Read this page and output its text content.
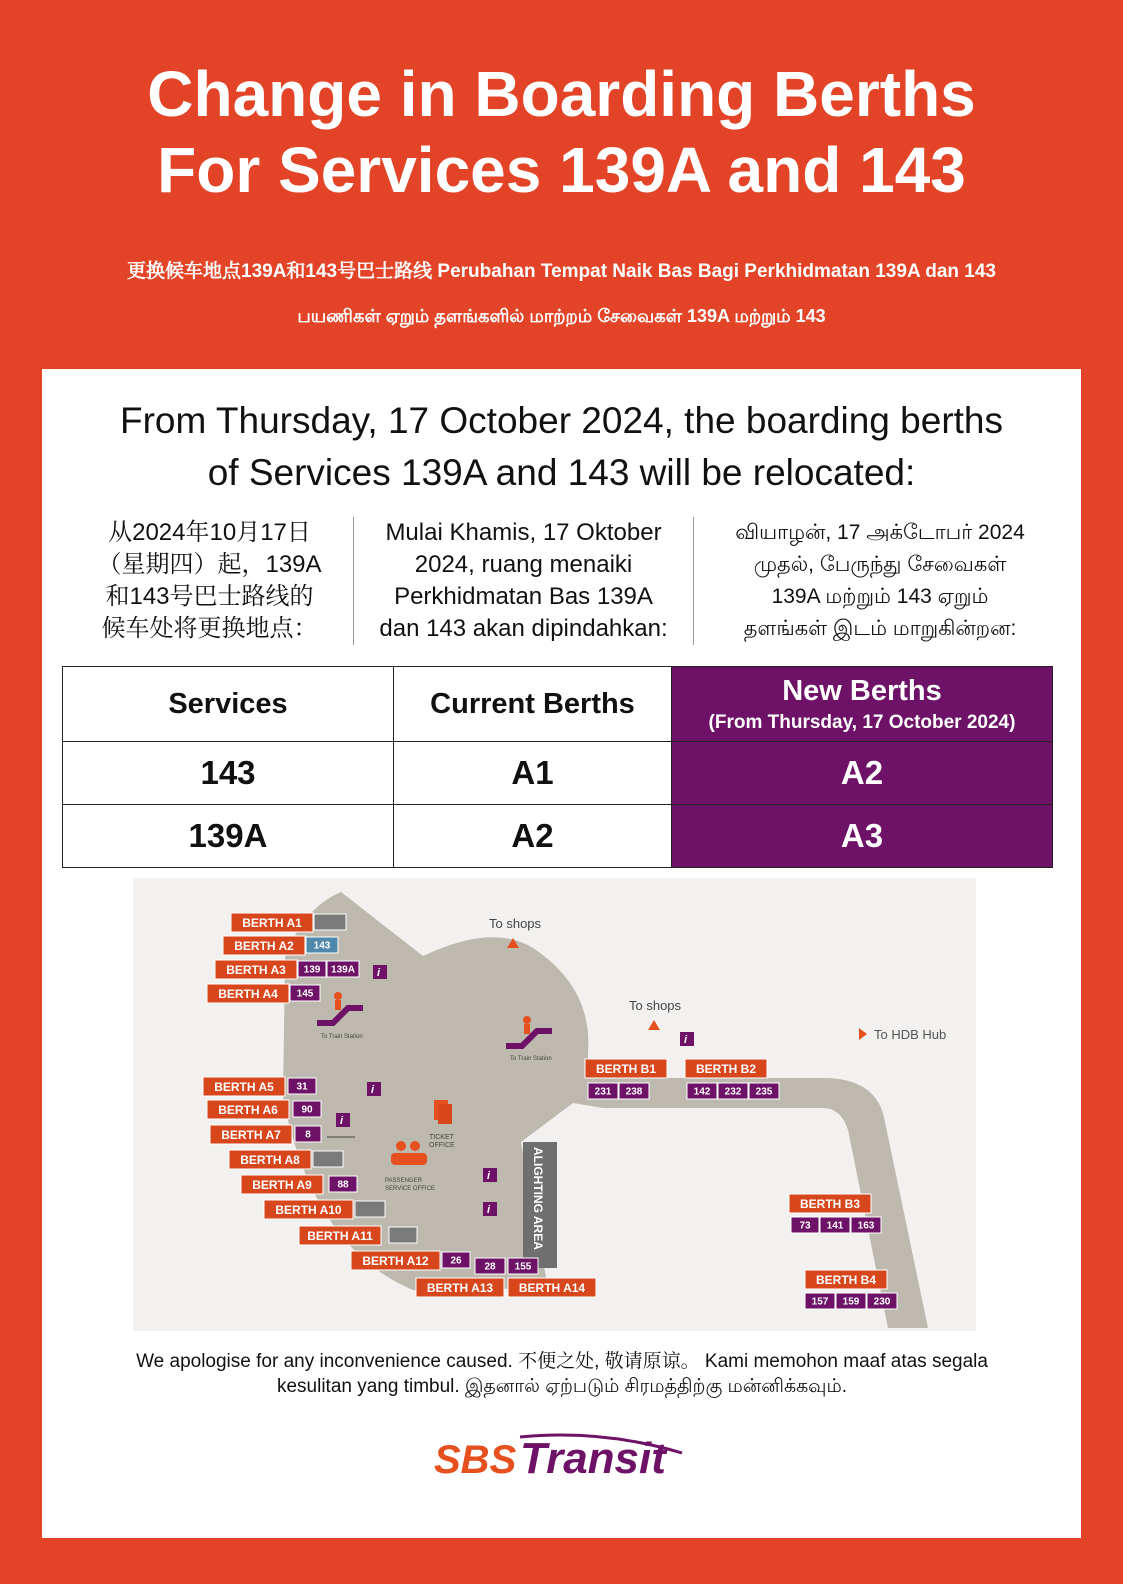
Change in Boarding Berths
For Services 139A and 143
更换候车地点139A和143号巴士路线 Perubahan Tempat Naik Bas Bagi Perkhidmatan 139A dan 143
பயணிகள் ஏறும் தளங்களில் மாற்றம் சேவைகள் 139A மற்றும் 143
From Thursday, 17 October 2024, the boarding berths
of Services 139A and 143 will be relocated:
从2024年10月17日
（星期四）起，139A
和143号巴士路线的
候车处将更换地点：
Mulai Khamis, 17 Oktober
2024, ruang menaiki
Perkhidmatan Bas 139A
dan 143 akan dipindahkan:
வியாழன், 17 அக்டோபர் 2024
முதல், பேருந்து சேவைகள்
139A மற்றும் 143 ஏறும்
தளங்கள் இடம் மாறுகின்றன:
Services	Current Berths	New Berths
(From Thursday, 17 October 2024)

143	A1	A2
139A	A2	A3
To shops
To shops
To HDB Hub
To Train Station
To Train Station
TICKET
OFFICE
PASSENGER
SERVICE OFFICE	ALIGHTING AREA
i
i
i
i
i
i
BERTH A1
BERTH A2 143
BERTH A3 139 139A
BERTH A4 145
BERTH A5 31
BERTH A6 90
BERTH A7 8
BERTH A8
BERTH A9	88
BERTH A10
BERTH A11
BERTH A12 26
28 155
BERTH A13 BERTH A14
BERTH B1
231 238
BERTH B2
142 232 235
BERTH B3
73 141 163
BERTH B4
157 159 230
We apologise for any inconvenience caused. 不便之处, 敬请原谅。 Kami memohon maaf atas segala
kesulitan yang timbul. இதனால் ஏற்படும் சிரமத்திற்கு மன்னிக்கவும்.
SBS Transit
